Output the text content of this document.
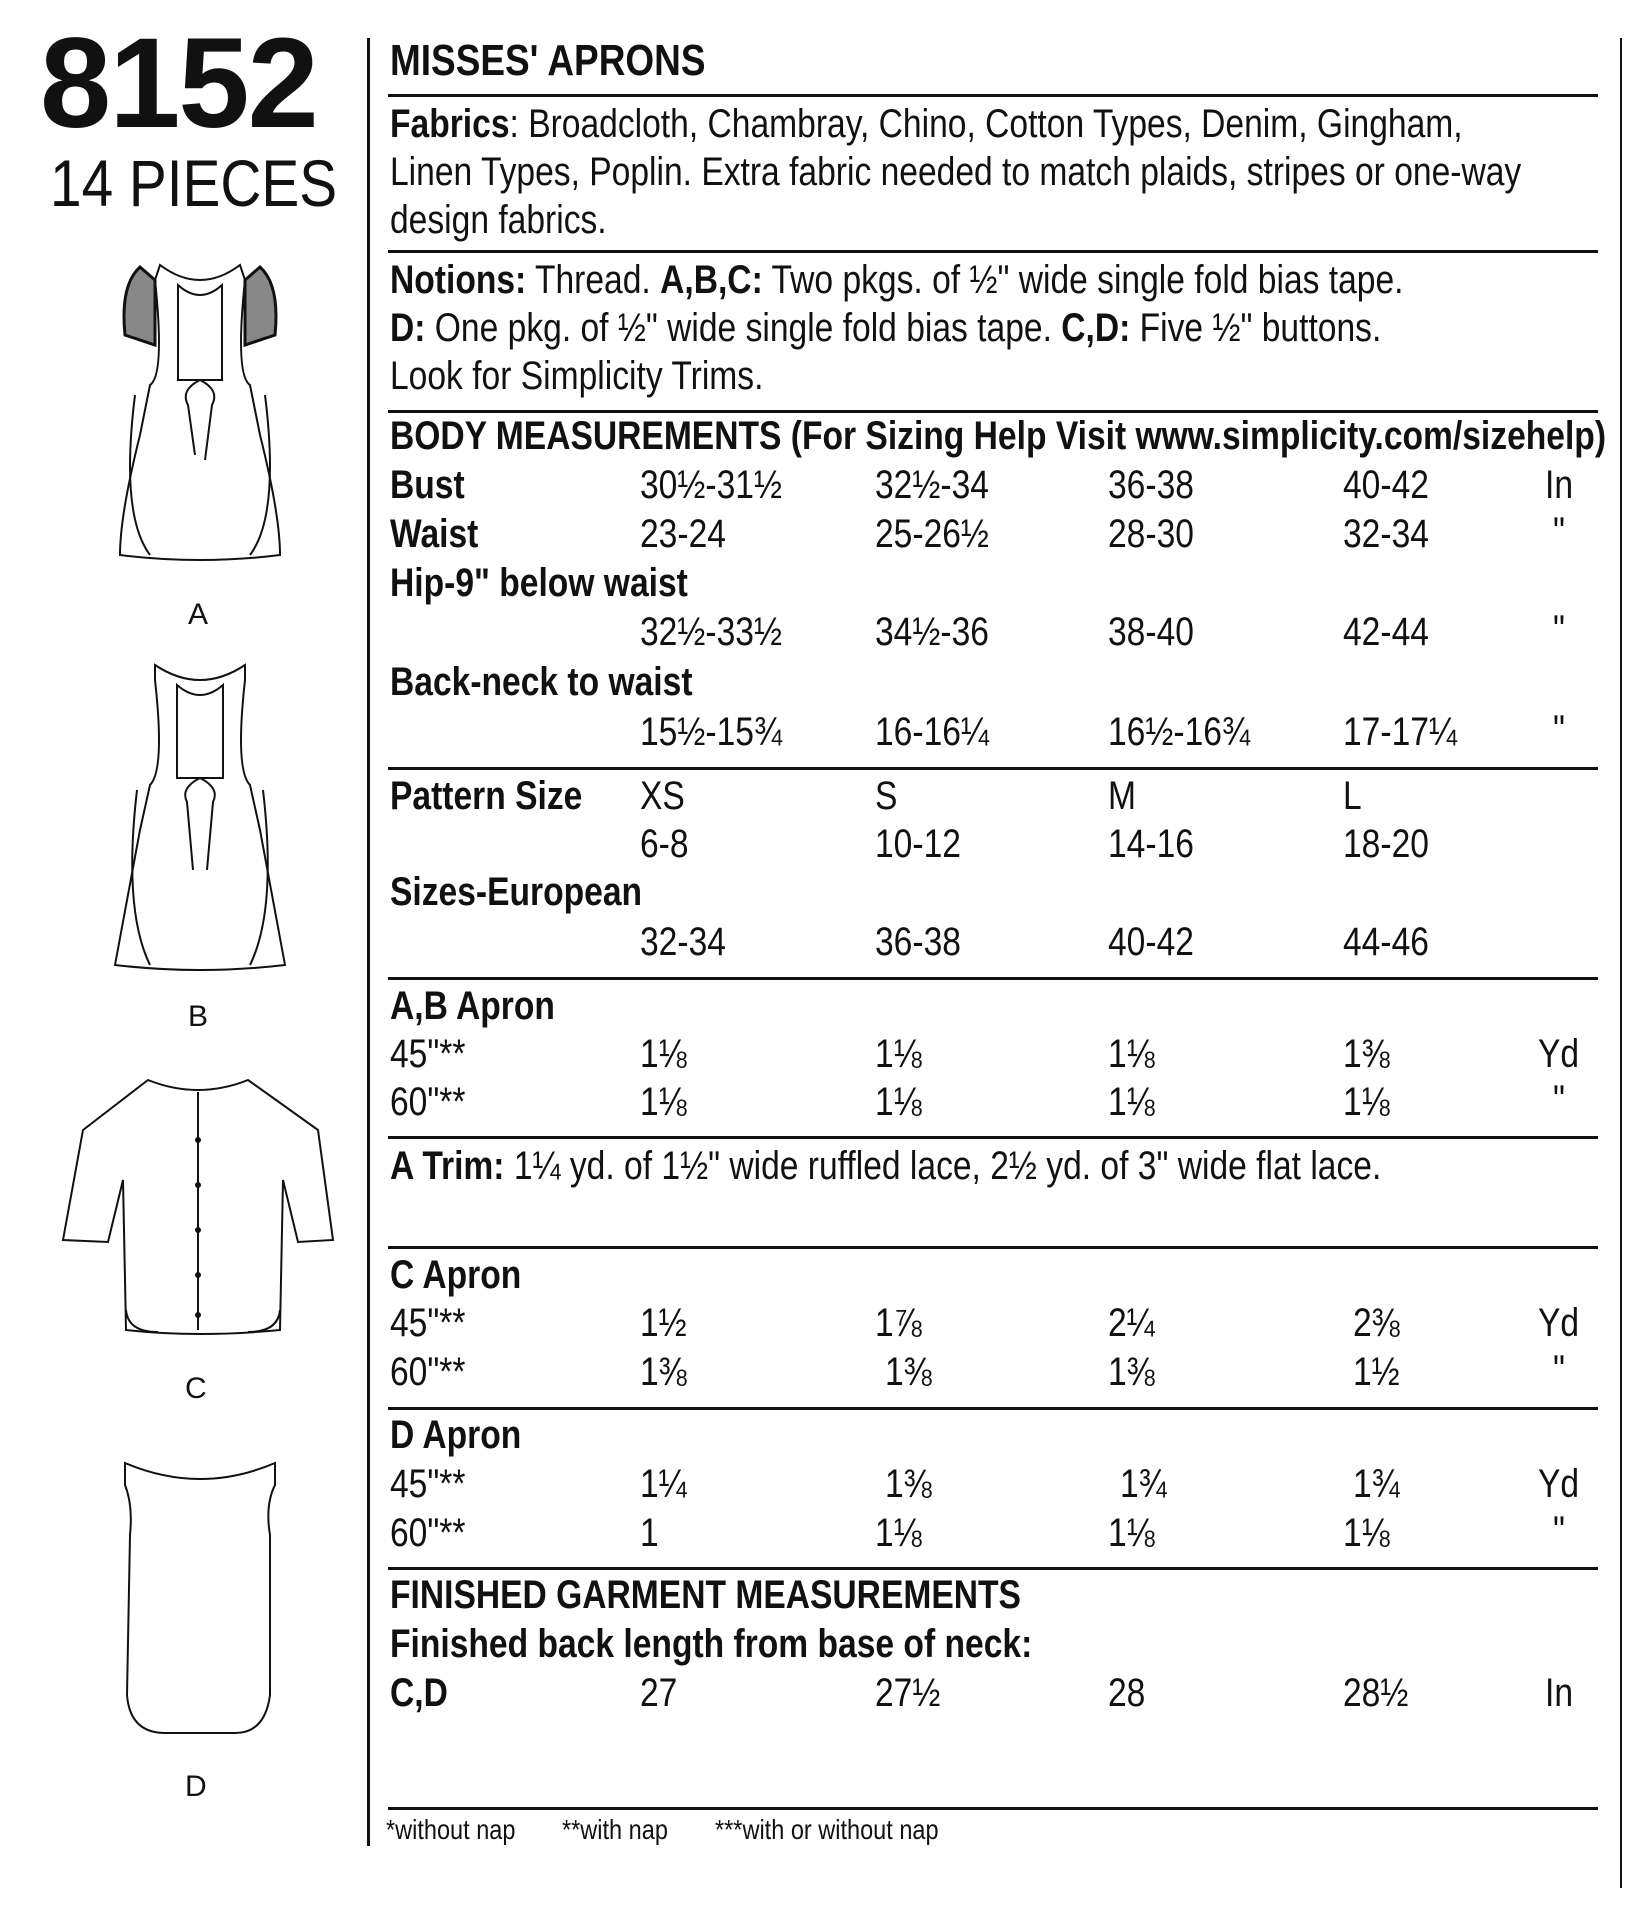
8152
14 PIECES
A
B
C
D
MISSES' APRONS
Fabrics: Broadcloth, Chambray, Chino, Cotton Types, Denim, Gingham,
Linen Types, Poplin. Extra fabric needed to match plaids, stripes or one-way
design fabrics.
Notions: Thread. A,B,C: Two pkgs. of ½" wide single fold bias tape.
D: One pkg. of ½" wide single fold bias tape. C,D: Five ½" buttons.
Look for Simplicity Trims.
BODY MEASUREMENTS (For Sizing Help Visit www.simplicity.com/sizehelp)
Bust	30½-31½ 32½-34	36-38	40-42	In
Waist	23-24	25-26½	28-30	32-34	"
Hip-9" below waist
32½-33½ 34½-36	38-40	42-44	"
Back-neck to waist
15½-15¾ 16-16¼	16½-16¾ 17-17¼ "
Pattern Size XS	S	M	L
6-8	10-12	14-16	18-20
Sizes-European
32-34	36-38	40-42	44-46
A,B Apron
45"**	1⅛	1⅛	1⅛	1⅜	Yd
60"**	1⅛	1⅛	1⅛	1⅛	"
A Trim: 1¼ yd. of 1½" wide ruffled lace, 2½ yd. of 3" wide flat lace.
C Apron
45"**	1½	1⅞	2¼	2⅜	Yd
60"**	1⅜	1⅜	1⅜	1½	"
D Apron
45"**	1¼	1⅜	1¾	1¾	Yd
60"**	1	1⅛	1⅛	1⅛	"
FINISHED GARMENT MEASUREMENTS
Finished back length from base of neck:
C,D	27	27½	28	28½	In
*without nap **with nap ***with or without nap
